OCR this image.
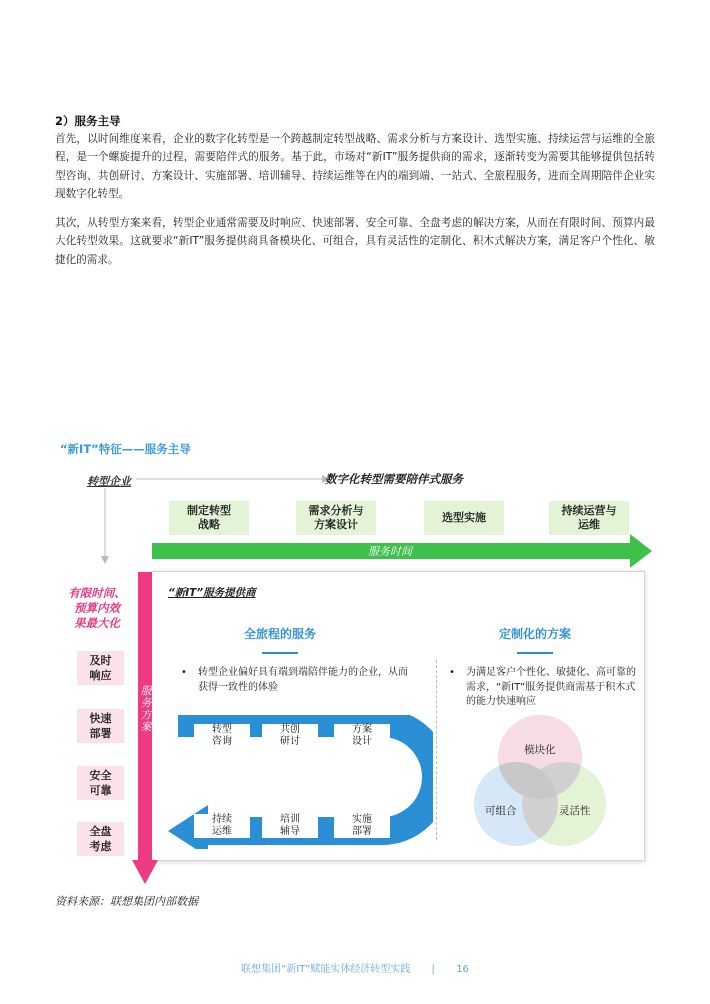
2）服务主导
首先，以时间维度来看，企业的数字化转型是一个跨越制定转型战略、需求分析与方案设计、选型实施、持续运营与运维的全旅程，是一个螺旋提升的过程，需要陪伴式的服务。基于此，市场对“新IT”服务提供商的需求，逐渐转变为需要其能够提供包括转型咨询、共创研讨、方案设计、实施部署、培训辅导、持续运维等在内的端到端、一站式、全旅程服务，进而全周期陪伴企业实现数字化转型。
其次，从转型方案来看，转型企业通常需要及时响应、快速部署、安全可靠、全盘考虑的解决方案，从而在有限时间、预算内最大化转型效果。这就要求“新IT”服务提供商具备模块化、可组合，具有灵活性的定制化、积木式解决方案，满足客户个性化、敏捷化的需求。
“新IT”特征——服务主导
转型企业	数字化转型需要陪伴式服务
制定转型
战略
需求分析与
方案设计
选型实施
持续运营与
运维
服务时间
有限时间、
预算内效
果最大化
及时
响应
快速
部署
安全
可靠
全盘
考虑
服务方案
“新IT”服务提供商
全旅程的服务	定制化的方案
•	转型企业偏好具有端到端陪伴能力的企业，从而获得一致性的体验
•	为满足客户个性化、敏捷化、高可靠的需求，“新IT”服务提供商需基于积木式的能力快速响应
转型
咨询
共创
研讨
方案
设计
持续
运维
培训
辅导
实施
部署
模块化
可组合	灵活性
资料来源：联想集团内部数据
联想集团“新IT”赋能实体经济转型实践 | 16
